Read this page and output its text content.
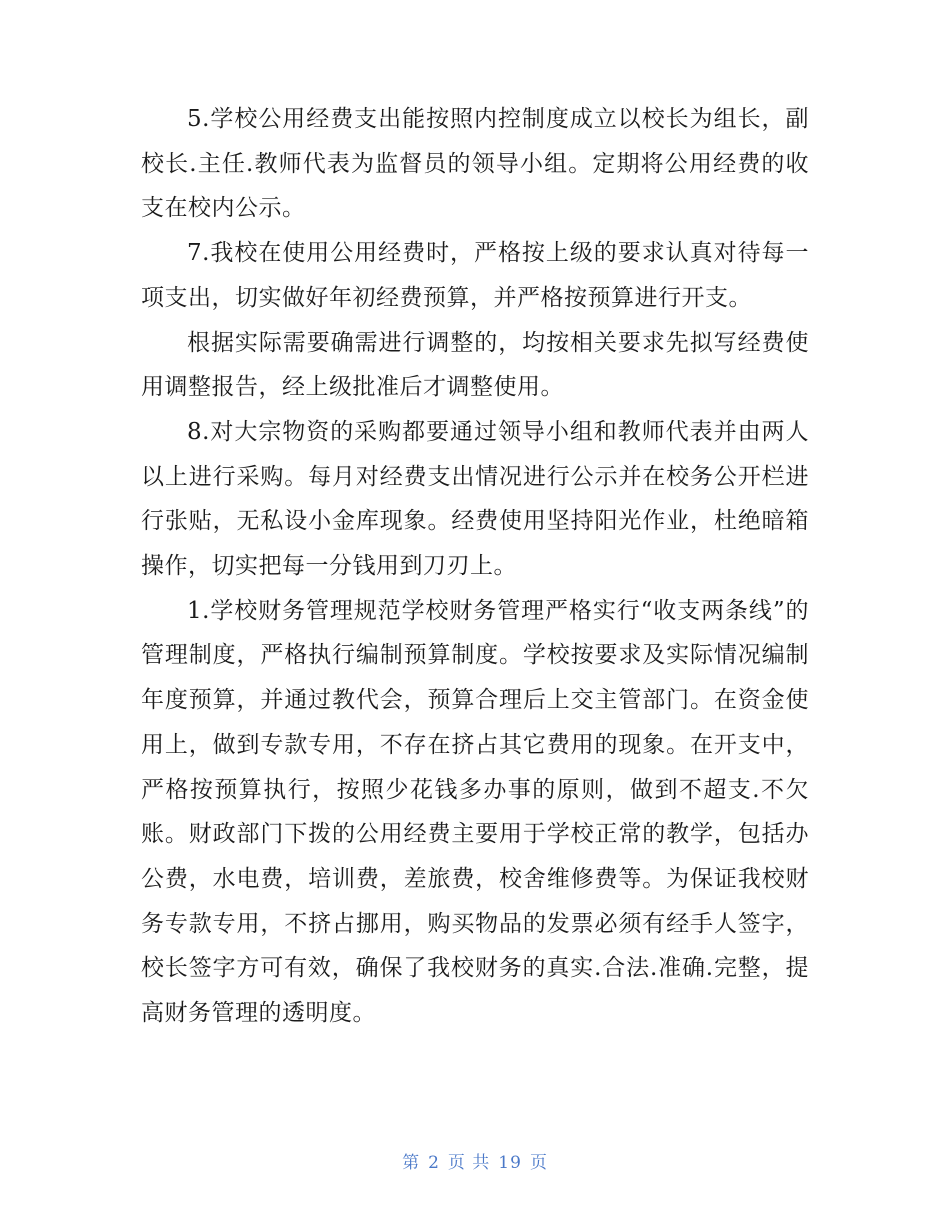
5.学校公用经费支出能按照内控制度成立以校长为组长，副校长.主任.教师代表为监督员的领导小组。定期将公用经费的收支在校内公示。

7.我校在使用公用经费时，严格按上级的要求认真对待每一项支出，切实做好年初经费预算，并严格按预算进行开支。

根据实际需要确需进行调整的，均按相关要求先拟写经费使用调整报告，经上级批准后才调整使用。

8.对大宗物资的采购都要通过领导小组和教师代表并由两人以上进行采购。每月对经费支出情况进行公示并在校务公开栏进行张贴，无私设小金库现象。经费使用坚持阳光作业，杜绝暗箱操作，切实把每一分钱用到刀刃上。

1.学校财务管理规范学校财务管理严格实行“收支两条线”的管理制度，严格执行编制预算制度。学校按要求及实际情况编制年度预算，并通过教代会，预算合理后上交主管部门。在资金使用上，做到专款专用，不存在挤占其它费用的现象。在开支中，严格按预算执行，按照少花钱多办事的原则，做到不超支.不欠账。财政部门下拨的公用经费主要用于学校正常的教学，包括办公费，水电费，培训费，差旅费，校舍维修费等。为保证我校财务专款专用，不挤占挪用，购买物品的发票必须有经手人签字，校长签字方可有效，确保了我校财务的真实.合法.准确.完整，提高财务管理的透明度。

第 2 页 共 19 页
